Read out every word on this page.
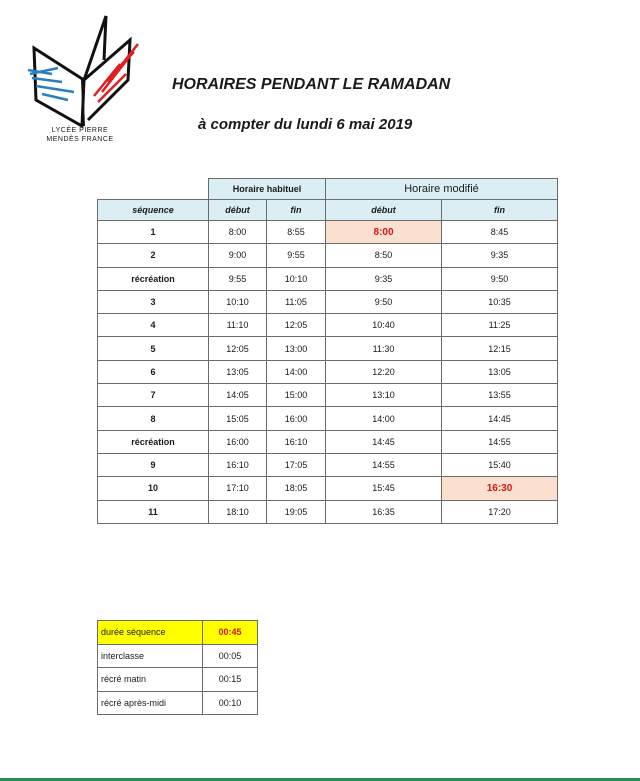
LYCÉE PIERRE
MENDÈS FRANCE
HORAIRES PENDANT LE RAMADAN
à compter du lundi 6 mai 2019
	Horaire habituel		Horaire modifié	
séquence	début	fin	début	fin
1	8:00	8:55	8:00	8:45
2	9:00	9:55	8:50	9:35
récréation	9:55	10:10	9:35	9:50
3	10:10	11:05	9:50	10:35
4	11:10	12:05	10:40	11:25
5	12:05	13:00	11:30	12:15
6	13:05	14:00	12:20	13:05
7	14:05	15:00	13:10	13:55
8	15:05	16:00	14:00	14:45
récréation	16:00	16:10	14:45	14:55
9	16:10	17:05	14:55	15:40
10	17:10	18:05	15:45	16:30
11	18:10	19:05	16:35	17:20
durée séquence	00:45
interclasse	00:05
récré matin	00:15
récré après-midi	00:10
